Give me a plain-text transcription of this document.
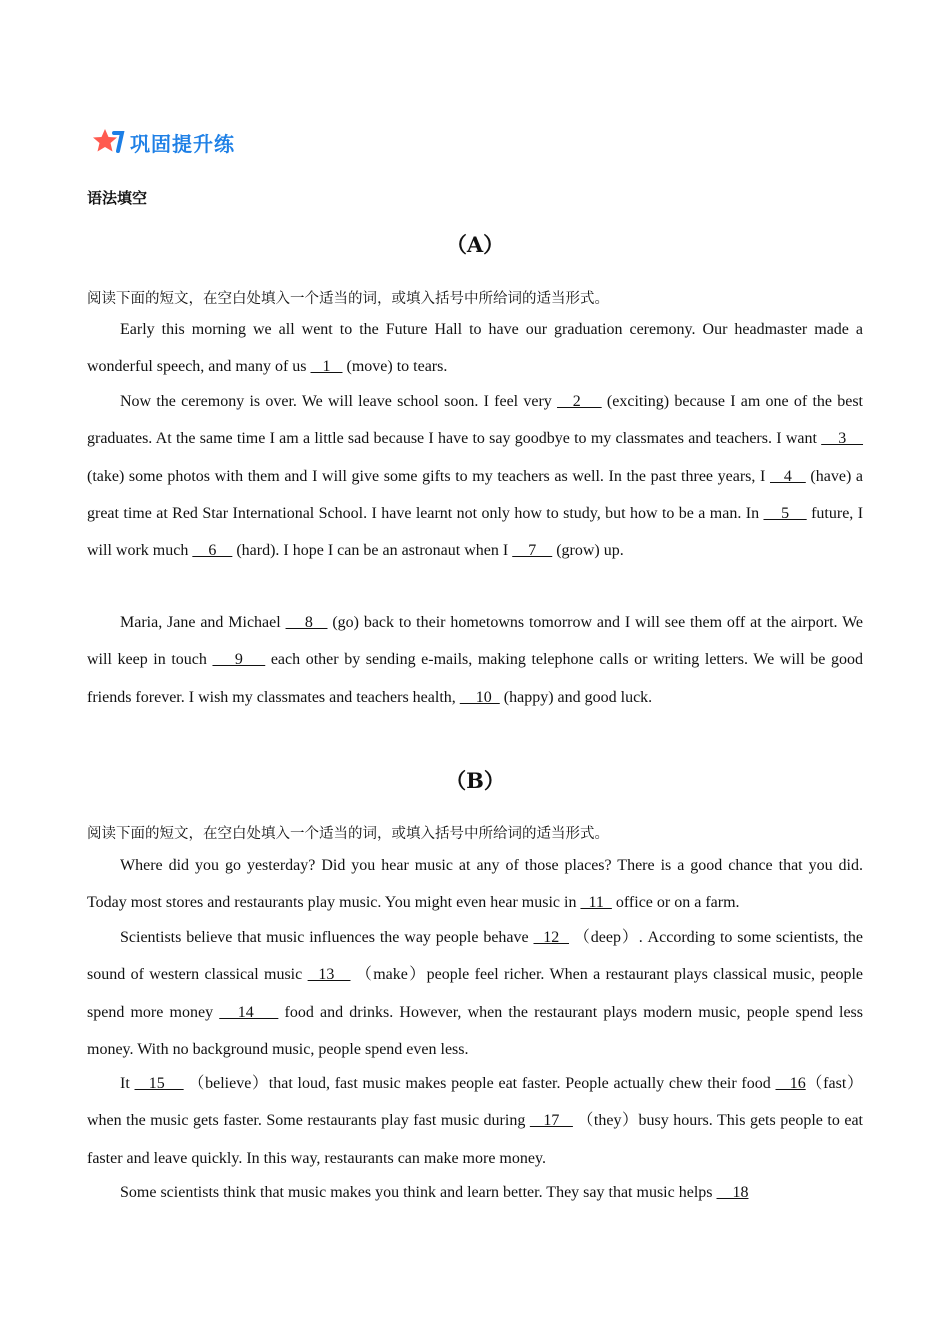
巩固提升练
语法填空
（A）
阅读下面的短文，在空白处填入一个适当的词，或填入括号中所给词的适当形式。
Early this morning we all went to the Future Hall to have our graduation ceremony. Our headmaster made a wonderful speech, and many of us    1    (move) to tears.
Now the ceremony is over. We will leave school soon. I feel very    2     (exciting) because I am one of the best graduates. At the same time I am a little sad because I have to say goodbye to my classmates and teachers. I want     3     (take) some photos with them and I will give some gifts to my teachers as well. In the past three years, I    4    (have) a great time at Red Star International School. I have learnt not only how to study, but how to be a man. In     5     future, I will work much     6     (hard). I hope I can be an astronaut when I     7     (grow) up.
Maria, Jane and Michael     8    (go) back to their hometowns tomorrow and I will see them off at the airport. We will keep in touch     9     each other by sending e-mails, making telephone calls or writing letters. We will be good friends forever. I wish my classmates and teachers health,     10   (happy) and good luck.
（B）
阅读下面的短文，在空白处填入一个适当的词，或填入括号中所给词的适当形式。
Where did you go yesterday? Did you hear music at any of those places? There is a good chance that you did. Today most stores and restaurants play music. You might even hear music in   11   office or on a farm.
Scientists believe that music influences the way people behave   12   （deep）. According to some scientists, the sound of western classical music   13    （make）people feel richer. When a restaurant plays classical music, people spend more money    14     food and drinks. However, when the restaurant plays modern music, people spend less money. With no background music, people spend even less.
It    15     （believe）that loud, fast music makes people eat faster. People actually chew their food    16（fast）when the music gets faster. Some restaurants play fast music during    17    （they）busy hours. This gets people to eat faster and leave quickly. In this way, restaurants can make more money.
Some scientists think that music makes you think and learn better. They say that music helps     18
